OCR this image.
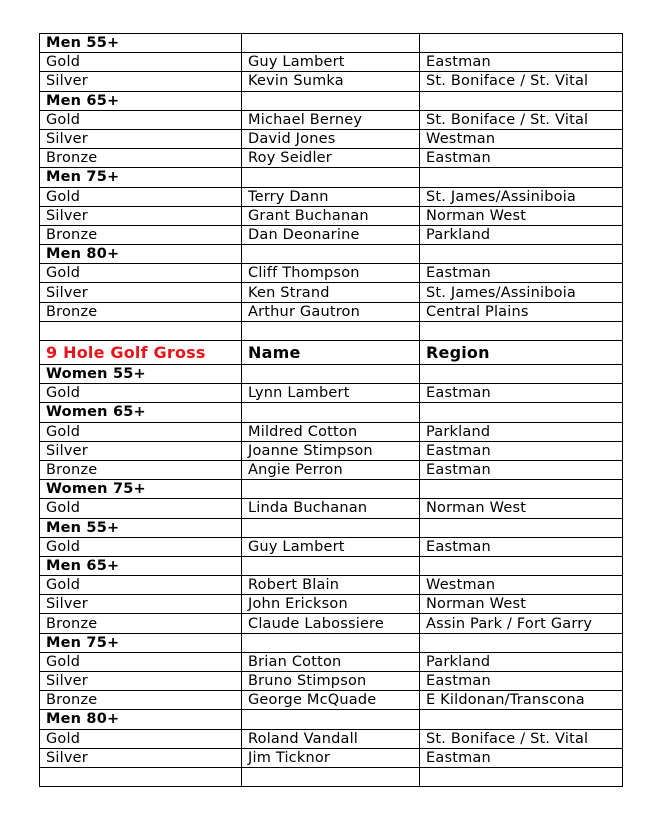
Men 55+		
Gold	Guy Lambert	Eastman
Silver	Kevin Sumka	St. Boniface / St. Vital
Men 65+		
Gold	Michael Berney	St. Boniface / St. Vital
Silver	David Jones	Westman
Bronze	Roy Seidler	Eastman
Men 75+		
Gold	Terry Dann	St. James/Assiniboia
Silver	Grant Buchanan	Norman West
Bronze	Dan Deonarine	Parkland
Men 80+		
Gold	Cliff Thompson	Eastman
Silver	Ken Strand	St. James/Assiniboia
Bronze	Arthur Gautron	Central Plains

9 Hole Golf Gross	Name	Region
Women 55+		
Gold	Lynn Lambert	Eastman
Women 65+		
Gold	Mildred Cotton	Parkland
Silver	Joanne Stimpson	Eastman
Bronze	Angie Perron	Eastman
Women 75+		
Gold	Linda Buchanan	Norman West
Men 55+		
Gold	Guy Lambert	Eastman
Men 65+		
Gold	Robert Blain	Westman
Silver	John Erickson	Norman West
Bronze	Claude Labossiere	Assin Park / Fort Garry
Men 75+		
Gold	Brian Cotton	Parkland
Silver	Bruno Stimpson	Eastman
Bronze	George McQuade	E Kildonan/Transcona
Men 80+		
Gold	Roland Vandall	St. Boniface / St. Vital
Silver	Jim Ticknor	Eastman
